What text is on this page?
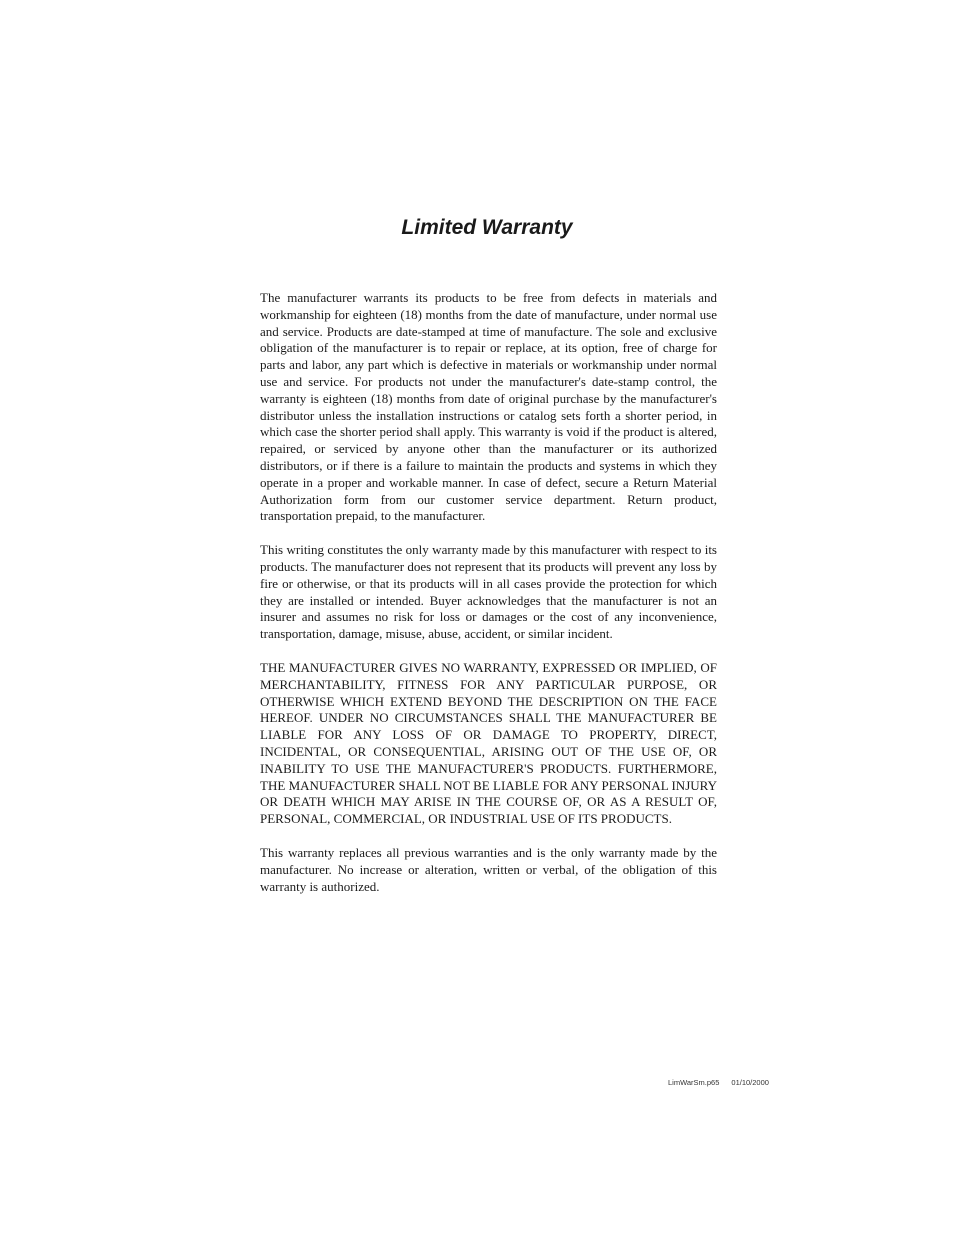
Limited Warranty

The manufacturer warrants its products to be free from defects in materials and workmanship for eighteen (18) months from the date of manufacture, under normal use and service. Products are date-stamped at time of manufacture. The sole and exclusive obligation of the manufacturer is to repair or replace, at its option, free of charge for parts and labor, any part which is defective in materials or workmanship under normal use and service. For products not under the manufacturer's date-stamp control, the warranty is eighteen (18) months from date of original purchase by the manufacturer's distributor unless the installation instructions or catalog sets forth a shorter period, in which case the shorter period shall apply. This warranty is void if the product is altered, repaired, or serviced by anyone other than the manufacturer or its authorized distributors, or if there is a failure to maintain the products and systems in which they operate in a proper and workable manner. In case of defect, secure a Return Material Authorization form from our customer service department. Return product, transportation prepaid, to the manufacturer.

This writing constitutes the only warranty made by this manufacturer with respect to its products. The manufacturer does not represent that its products will prevent any loss by fire or otherwise, or that its products will in all cases provide the protection for which they are installed or intended. Buyer acknowledges that the manufacturer is not an insurer and assumes no risk for loss or damages or the cost of any inconvenience, transportation, damage, misuse, abuse, accident, or similar incident.

THE MANUFACTURER GIVES NO WARRANTY, EXPRESSED OR IMPLIED, OF MERCHANTABILITY, FITNESS FOR ANY PARTICULAR PURPOSE, OR OTHERWISE WHICH EXTEND BEYOND THE DESCRIPTION ON THE FACE HEREOF. UNDER NO CIRCUMSTANCES SHALL THE MANUFACTURER BE LIABLE FOR ANY LOSS OF OR DAMAGE TO PROPERTY, DIRECT, INCIDENTAL, OR CONSEQUENTIAL, ARISING OUT OF THE USE OF, OR INABILITY TO USE THE MANUFACTURER'S PRODUCTS. FURTHERMORE, THE MANUFACTURER SHALL NOT BE LIABLE FOR ANY PERSONAL INJURY OR DEATH WHICH MAY ARISE IN THE COURSE OF, OR AS A RESULT OF, PERSONAL, COMMERCIAL, OR INDUSTRIAL USE OF ITS PRODUCTS.

This warranty replaces all previous warranties and is the only warranty made by the manufacturer. No increase or alteration, written or verbal, of the obligation of this warranty is authorized.

LimWarSm.p65 01/10/2000
